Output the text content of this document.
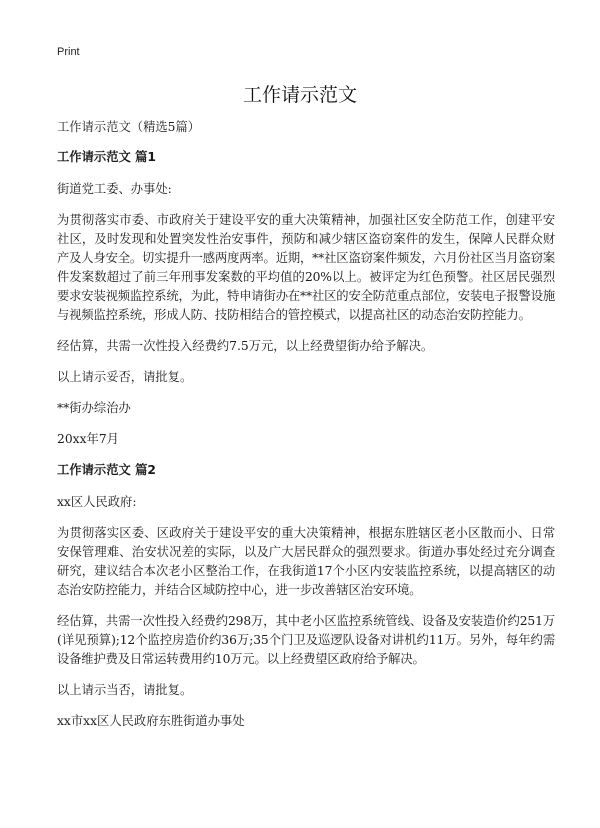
Print
工作请示范文

工作请示范文（精选5篇）

工作请示范文 篇1

街道党工委、办事处:

为贯彻落实市委、市政府关于建设平安的重大决策精神，加强社区安全防范工作，创建平安社区，及时发现和处置突发性治安事件，预防和减少辖区盗窃案件的发生，保障人民群众财产及人身安全。切实提升一感两度两率。近期，**社区盗窃案件频发，六月份社区当月盗窃案件发案数超过了前三年刑事发案数的平均值的20%以上。被评定为红色预警。社区居民强烈要求安装视频监控系统，为此，特申请街办在**社区的安全防范重点部位，安装电子报警设施与视频监控系统，形成人防、技防相结合的管控模式，以提高社区的动态治安防控能力。

经估算，共需一次性投入经费约7.5万元，以上经费望街办给予解决。

以上请示妥否，请批复。

**街办综治办

20xx年7月

工作请示范文 篇2

xx区人民政府:

为贯彻落实区委、区政府关于建设平安的重大决策精神，根据东胜辖区老小区散而小、日常安保管理难、治安状况差的实际，以及广大居民群众的强烈要求。街道办事处经过充分调查研究，建议结合本次老小区整治工作，在我街道17个小区内安装监控系统，以提高辖区的动态治安防控能力，并结合区域防控中心，进一步改善辖区治安环境。

经估算，共需一次性投入经费约298万，其中老小区监控系统管线、设备及安装造价约251万(详见预算);12个监控房造价约36万;35个门卫及巡逻队设备对讲机约11万。另外，每年约需设备维护费及日常运转费用约10万元。以上经费望区政府给予解决。

以上请示当否，请批复。

xx市xx区人民政府东胜街道办事处
